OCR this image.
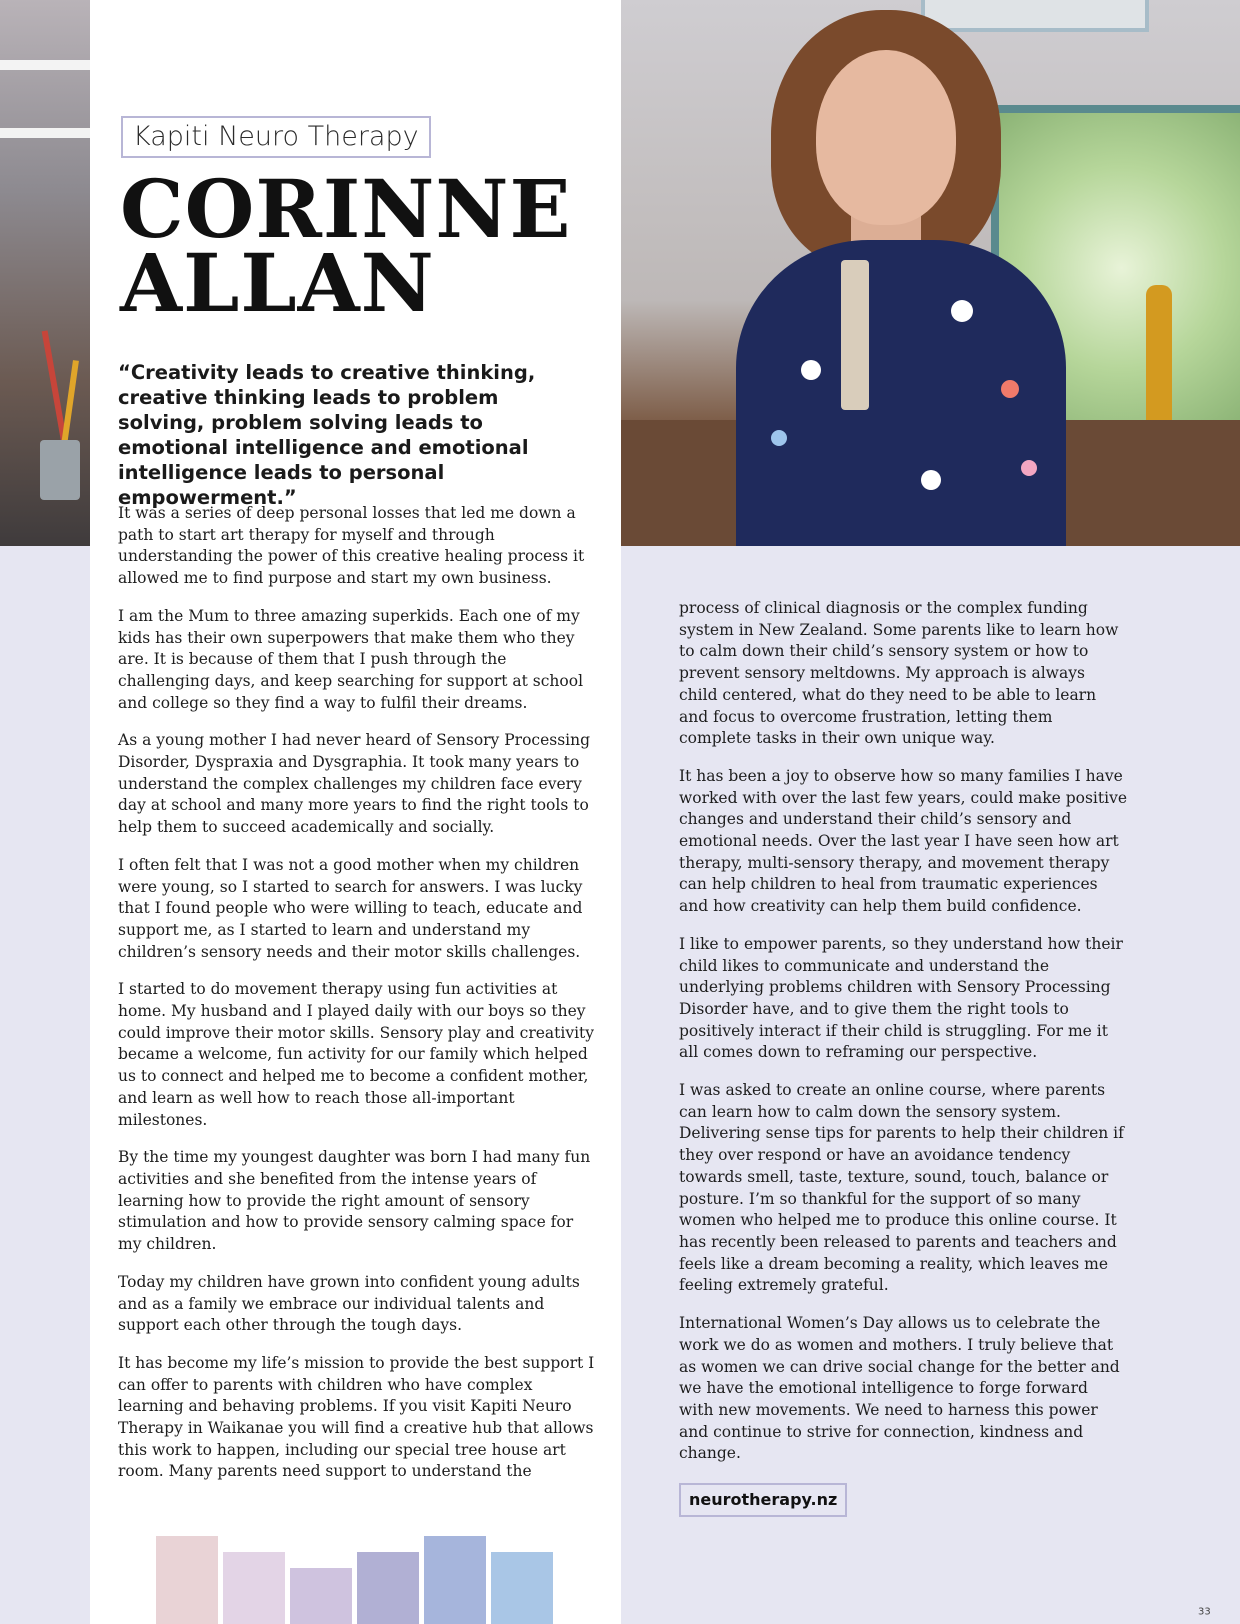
Kapiti Neuro Therapy
CORINNE
ALLAN
“Creativity leads to creative thinking, creative thinking leads to problem solving, problem solving leads to emotional intelligence and emotional intelligence leads to personal empowerment.”

It was a series of deep personal losses that led me down a path to start art therapy for myself and through understanding the power of this creative healing process it allowed me to find purpose and start my own business.

I am the Mum to three amazing superkids. Each one of my kids has their own superpowers that make them who they are. It is because of them that I push through the challenging days, and keep searching for support at school and college so they find a way to fulfil their dreams.

As a young mother I had never heard of Sensory Processing Disorder, Dyspraxia and Dysgraphia. It took many years to understand the complex challenges my children face every day at school and many more years to find the right tools to help them to succeed academically and socially.

I often felt that I was not a good mother when my children were young, so I started to search for answers. I was lucky that I found people who were willing to teach, educate and support me, as I started to learn and understand my children’s sensory needs and their motor skills challenges.

I started to do movement therapy using fun activities at home. My husband and I played daily with our boys so they could improve their motor skills. Sensory play and creativity became a welcome, fun activity for our family which helped us to connect and helped me to become a confident mother, and learn as well how to reach those all-important milestones.

By the time my youngest daughter was born I had many fun activities and she benefited from the intense years of learning how to provide the right amount of sensory stimulation and how to provide sensory calming space for my children.

Today my children have grown into confident young adults and as a family we embrace our individual talents and support each other through the tough days.

It has become my life’s mission to provide the best support I can offer to parents with children who have complex learning and behaving problems. If you visit Kapiti Neuro Therapy in Waikanae you will find a creative hub that allows this work to happen, including our special tree house art room. Many parents need support to understand the

process of clinical diagnosis or the complex funding system in New Zealand. Some parents like to learn how to calm down their child’s sensory system or how to prevent sensory meltdowns. My approach is always child centered, what do they need to be able to learn and focus to overcome frustration, letting them complete tasks in their own unique way.

It has been a joy to observe how so many families I have worked with over the last few years, could make positive changes and understand their child’s sensory and emotional needs. Over the last year I have seen how art therapy, multi-sensory therapy, and movement therapy can help children to heal from traumatic experiences and how creativity can help them build confidence.

I like to empower parents, so they understand how their child likes to communicate and understand the underlying problems children with Sensory Processing Disorder have, and to give them the right tools to positively interact if their child is struggling. For me it all comes down to reframing our perspective.

I was asked to create an online course, where parents can learn how to calm down the sensory system. Delivering sense tips for parents to help their children if they over respond or have an avoidance tendency towards smell, taste, texture, sound, touch, balance or posture. I’m so thankful for the support of so many women who helped me to produce this online course. It has recently been released to parents and teachers and feels like a dream becoming a reality, which leaves me feeling extremely grateful.

International Women’s Day allows us to celebrate the work we do as women and mothers. I truly believe that as women we can drive social change for the better and we have the emotional intelligence to forge forward with new movements. We need to harness this power and continue to strive for connection, kindness and change.

neurotherapy.nz
33
